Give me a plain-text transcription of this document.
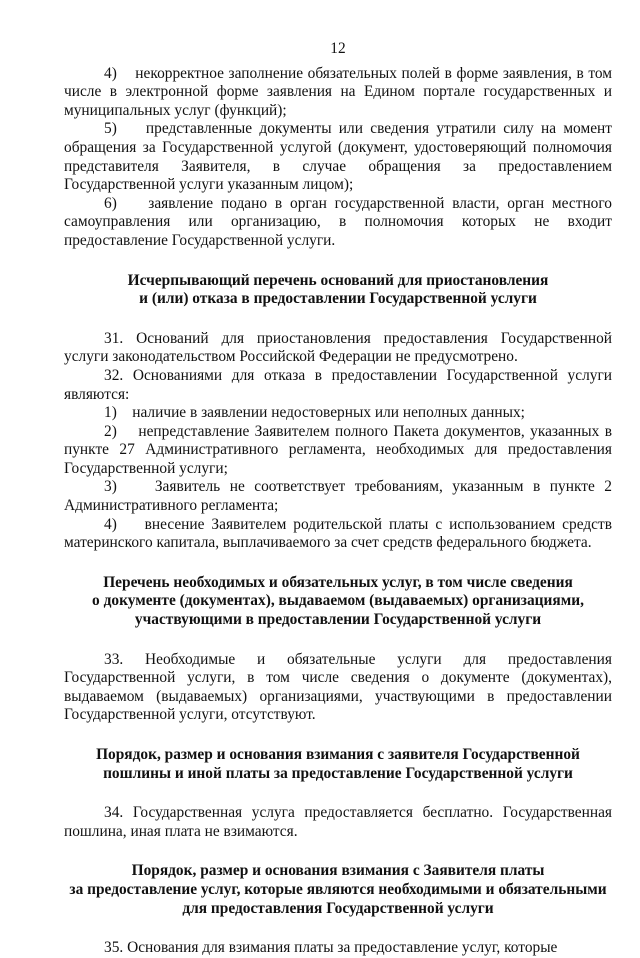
12

4)    некорректное заполнение обязательных полей в форме заявления, в том числе в электронной форме заявления на Едином портале государственных и муниципальных услуг (функций);

5)    представленные документы или сведения утратили силу на момент обращения за Государственной услугой (документ, удостоверяющий полномочия представителя Заявителя, в случае обращения за предоставлением Государственной услуги указанным лицом);

6)    заявление подано в орган государственной власти, орган местного самоуправления или организацию, в полномочия которых не входит предоставление Государственной услуги.

Исчерпывающий перечень оснований для приостановления
и (или) отказа в предоставлении Государственной услуги

31. Оснований для приостановления предоставления Государственной услуги законодательством Российской Федерации не предусмотрено.

32. Основаниями для отказа в предоставлении Государственной услуги являются:

1)    наличие в заявлении недостоверных или неполных данных;

2)    непредставление Заявителем полного Пакета документов, указанных в пункте 27 Административного регламента, необходимых для предоставления Государственной услуги;

3)    Заявитель не соответствует требованиям, указанным в пункте 2 Административного регламента;

4)    внесение Заявителем родительской платы с использованием средств материнского капитала, выплачиваемого за счет средств федерального бюджета.

Перечень необходимых и обязательных услуг, в том числе сведения
о документе (документах), выдаваемом (выдаваемых) организациями,
участвующими в предоставлении Государственной услуги

33. Необходимые и обязательные услуги для предоставления Государственной услуги, в том числе сведения о документе (документах), выдаваемом (выдаваемых) организациями, участвующими в предоставлении Государственной услуги, отсутствуют.

Порядок, размер и основания взимания с заявителя Государственной
пошлины и иной платы за предоставление Государственной услуги

34. Государственная услуга предоставляется бесплатно. Государственная пошлина, иная плата не взимаются.

Порядок, размер и основания взимания с Заявителя платы
за предоставление услуг, которые являются необходимыми и обязательными
для предоставления Государственной услуги

35. Основания для взимания платы за предоставление услуг, которые
